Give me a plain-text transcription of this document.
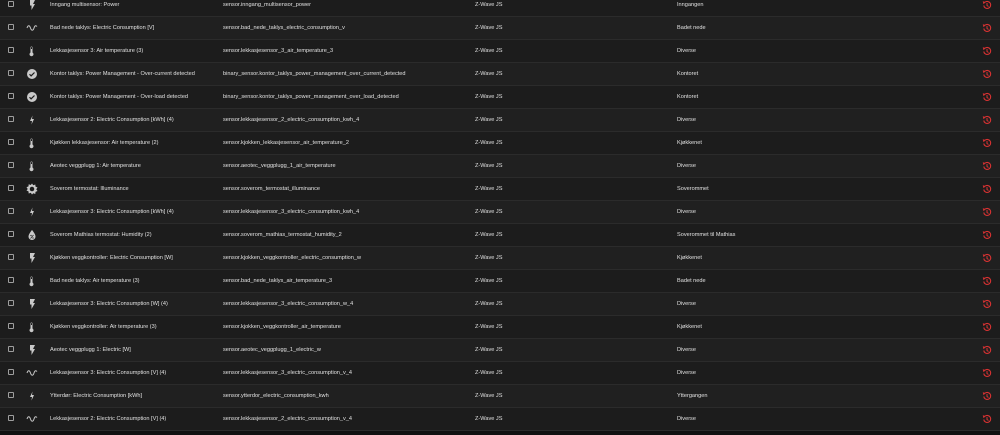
Inngang multisensor: Power	sensor.inngang_multisensor_power	Z-Wave JS	Inngangen
Bad nede taklys: Electric Consumption [V]	sensor.bad_nede_taklys_electric_consumption_v	Z-Wave JS	Badet nede
Lekkasjesensor 3: Air temperature (3)	sensor.lekkasjesensor_3_air_temperature_3	Z-Wave JS	Diverse
Kontor taklys: Power Management - Over-current detected	binary_sensor.kontor_taklys_power_management_over_current_detected	Z-Wave JS	Kontoret
Kontor taklys: Power Management - Over-load detected	binary_sensor.kontor_taklys_power_management_over_load_detected	Z-Wave JS	Kontoret
Lekkasjesensor 2: Electric Consumption [kWh] (4)	sensor.lekkasjesensor_2_electric_consumption_kwh_4	Z-Wave JS	Diverse
Kjøkken lekkasjesensor: Air temperature (2)	sensor.kjokken_lekkasjesensor_air_temperature_2	Z-Wave JS	Kjøkkenet
Aeotec veggplugg 1: Air temperature	sensor.aeotec_veggplugg_1_air_temperature	Z-Wave JS	Diverse
Soverom termostat: Illuminance	sensor.soverom_termostat_illuminance	Z-Wave JS	Soverommet
Lekkasjesensor 3: Electric Consumption [kWh] (4)	sensor.lekkasjesensor_3_electric_consumption_kwh_4	Z-Wave JS	Diverse
Soverom Mathias termostat: Humidity (2)	sensor.soverom_mathias_termostat_humidity_2	Z-Wave JS	Soverommet til Mathias
Kjøkken veggkontroller: Electric Consumption [W]	sensor.kjokken_veggkontroller_electric_consumption_w	Z-Wave JS	Kjøkkenet
Bad nede taklys: Air temperature (3)	sensor.bad_nede_taklys_air_temperature_3	Z-Wave JS	Badet nede
Lekkasjesensor 3: Electric Consumption [W] (4)	sensor.lekkasjesensor_3_electric_consumption_w_4	Z-Wave JS	Diverse
Kjøkken veggkontroller: Air temperature (3)	sensor.kjokken_veggkontroller_air_temperature	Z-Wave JS	Kjøkkenet
Aeotec veggplugg 1: Electric [W]	sensor.aeotec_veggplugg_1_electric_w	Z-Wave JS	Diverse
Lekkasjesensor 3: Electric Consumption [V] (4)	sensor.lekkasjesensor_3_electric_consumption_v_4	Z-Wave JS	Diverse
Ytterdør: Electric Consumption [kWh]	sensor.ytterdor_electric_consumption_kwh	Z-Wave JS	Yttergangen
Lekkasjesensor 2: Electric Consumption [V] (4)	sensor.lekkasjesensor_2_electric_consumption_v_4	Z-Wave JS	Diverse
